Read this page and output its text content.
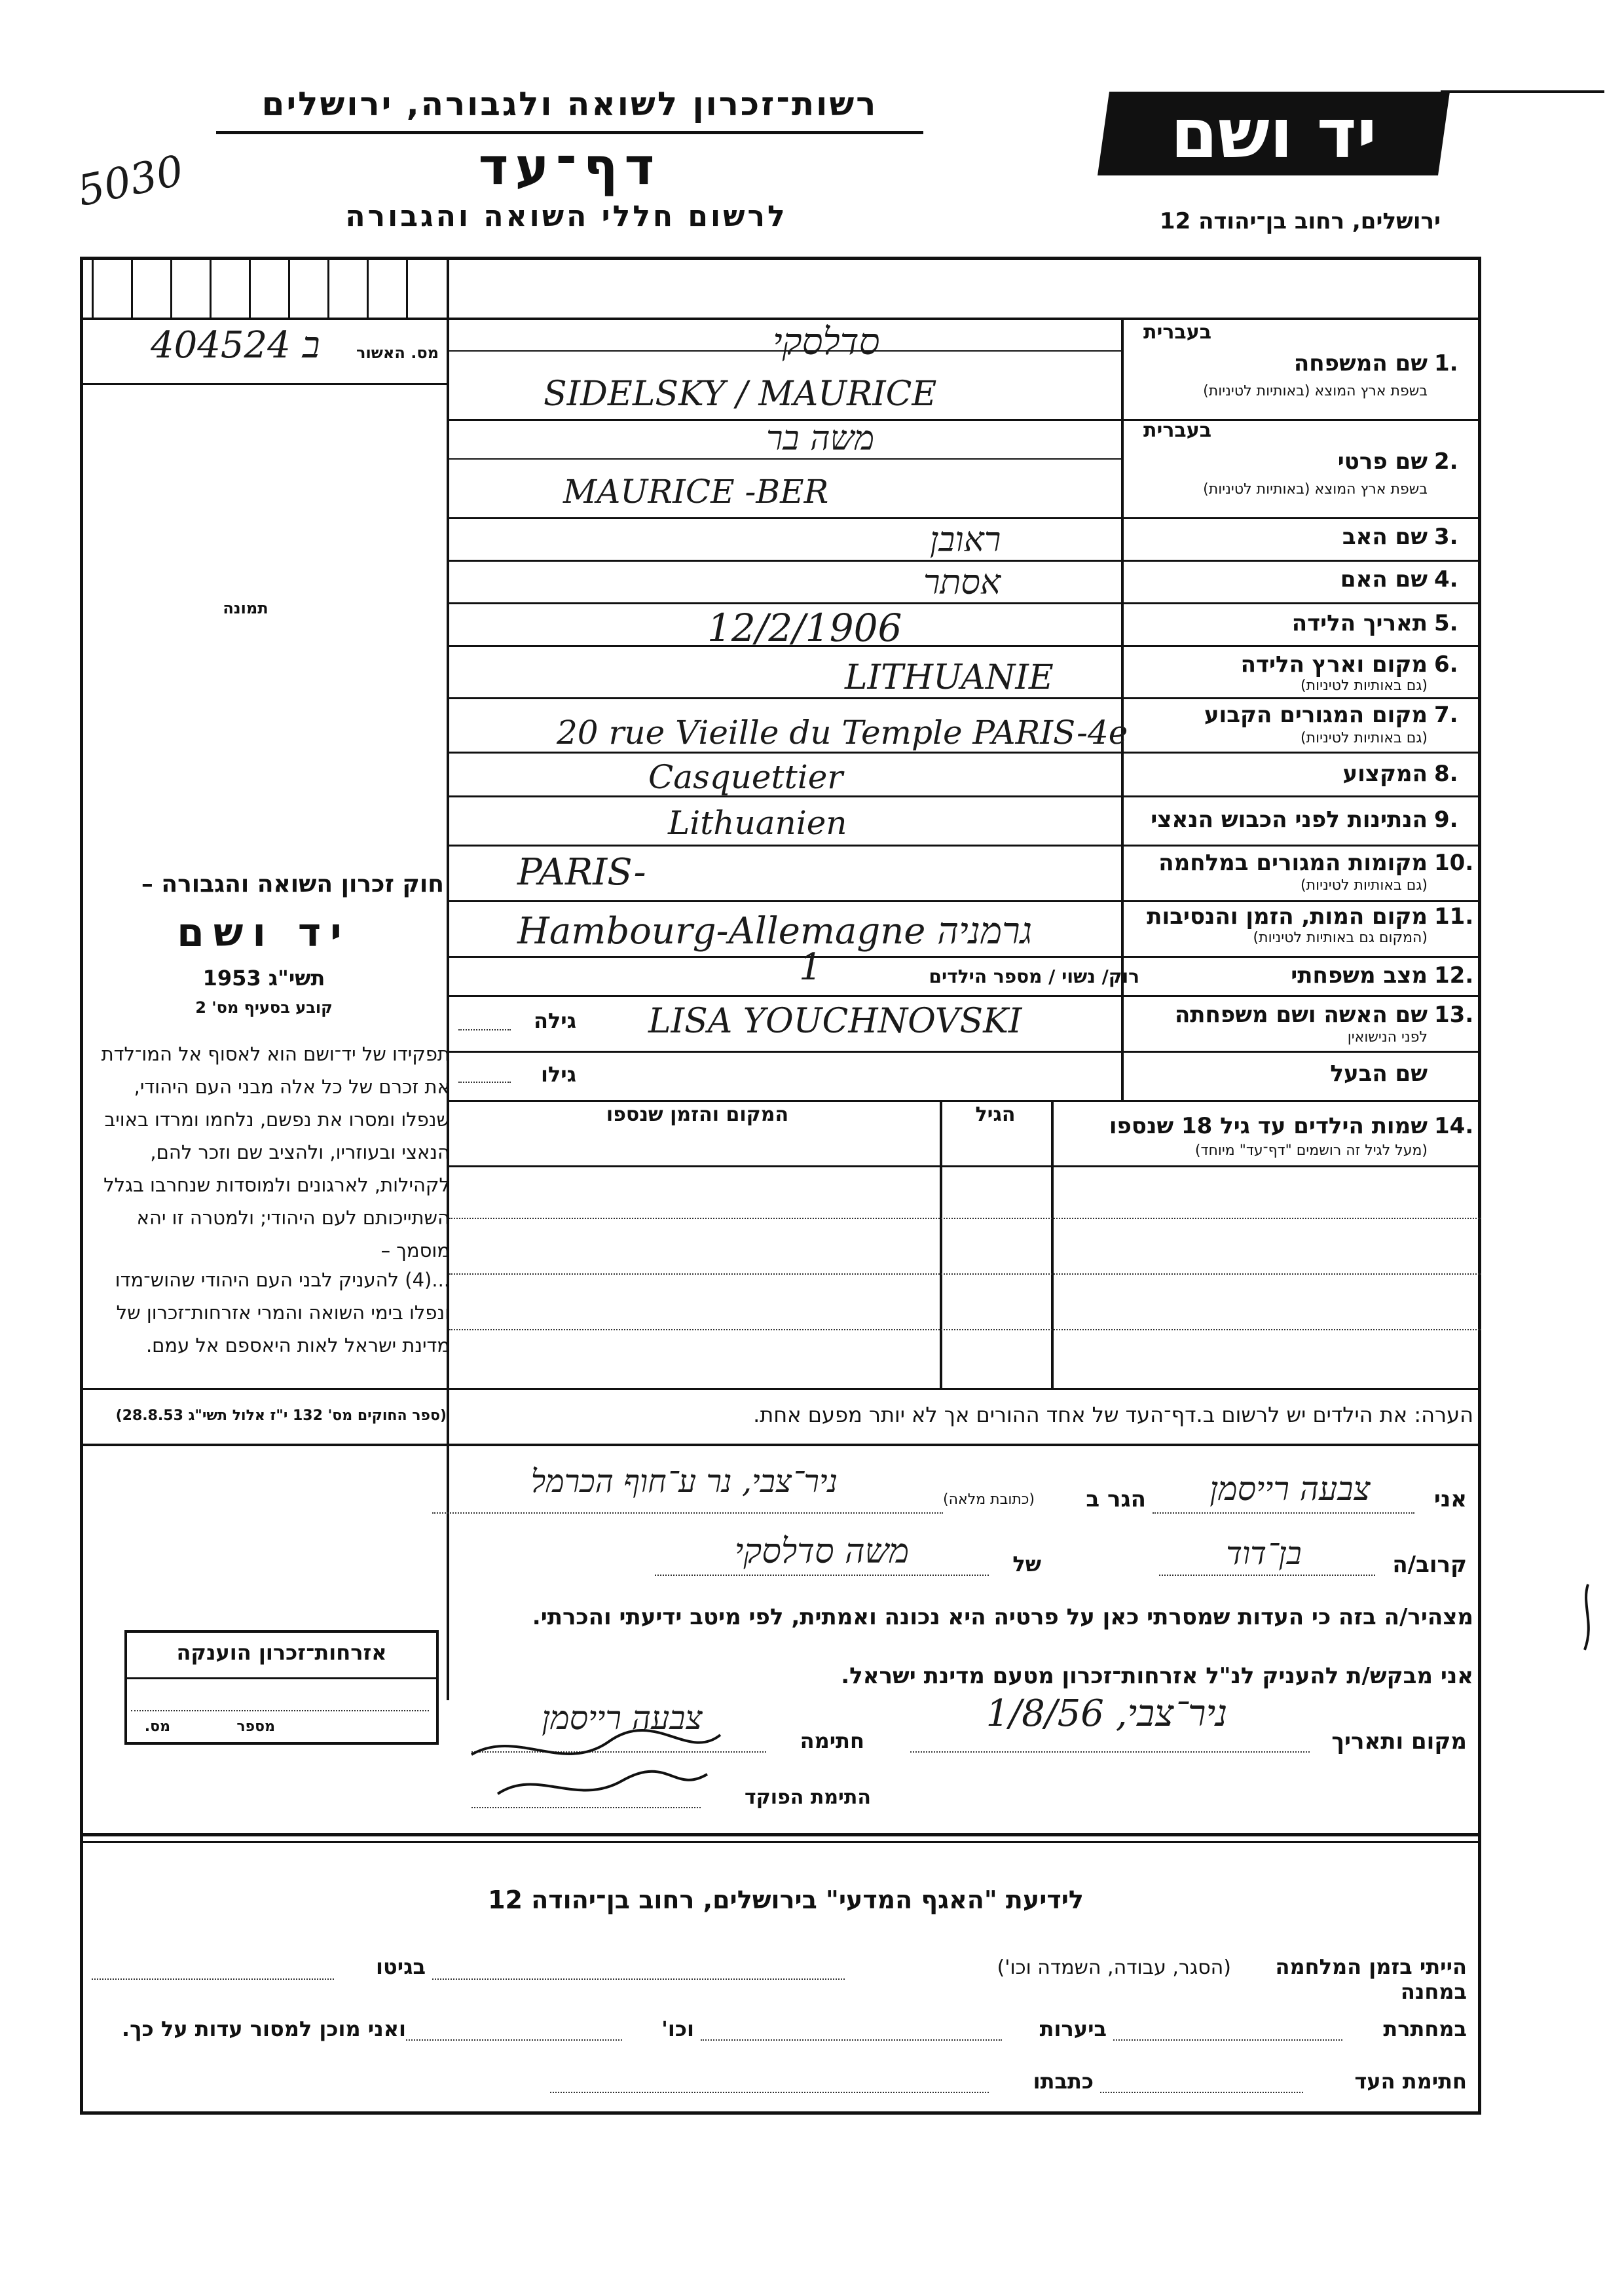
רשות־זכרון לשואה ולגבורה, ירושלים
דף־עד
לרשום חללי השואה והגבורה
5030
יד ושם
ירושלים, רחוב בן־יהודה 12
מס. האשור
404524 ב
תמונה
בעברית
שם המשפחה 1.
בשפת ארץ המוצא (באותיות לטיניות)
סדלסקי
SIDELSKY / MAURICE
בעברית
שם פרטי 2.
בשפת ארץ המוצא (באותיות לטיניות)
משה בר
MAURICE -BER
שם האב 3.
ראובן
שם האם 4.
אסתר
תאריך הלידה 5.
12/2/1906
מקום וארץ הלידה 6.
(גם באותיות לטיניות)
LITHUANIE
מקום המגורים הקבוע 7.
(גם באותיות לטיניות)
20 rue Vieille du Temple PARIS-4e
המקצוע 8.
Casquettier
הנתינות לפני הכבוש הנאצי 9.
Lithuanien
מקומות המגורים במלחמה 10.
(גם באותיות לטיניות)
PARIS-
מקום המות, הזמן והנסיבות 11.
(המקום גם באותיות לטיניות)
Hambourg-Allemagne גרמניה
מצב משפחתי 12.
רוק/ נשוי / מספר הילדים
1
שם האשה ושם משפחתה 13.
לפני הנישואין
גילה LISA YOUCHNOVSKI
שם הבעל
גילו
14.
שמות הילדים עד גיל 18 שנספו
(מעל לגיל זה רושמים "דף־עד" מיוחד)
הגיל
המקום והזמן שנספו
חוק זכרון השואה והגבורה –
יד ושם
תשי"ג 1953
קובע בסעיף מס' 2
תפקידו של יד־ושם הוא לאסוף אל המו־לדת את זכרם של כל אלה מבני העם היהודי, שנפלו ומסרו את נפשם, נלחמו ומרדו באויב הנאצי ובעוזריו, ולהציב שם וזכר להם, לקהילות, לארגונים ולמוסדות שנחרבו בגלל השתייכותם לעם היהודי; ולמטרה זו יהא מוסמך –
...(4) להעניק לבני העם היהודי שהוש־מדו ונפלו בימי השואה והמרי אזרחות־זכרון של מדינת ישראל לאות היאספם אל עמם.
(ספר החוקים מס' 132 י"ז אלול תשי"ג 28.8.53)	הערה: את הילדים יש לרשום ב.דף־העד של אחד ההורים אך לא יותר מפעם אחת.
אני
צבעה רייסמן
הגר ב
(כתובת מלאה)
ניר־צבי, נר ע־חוף הכרמל
קרוב/ה
בן־דוד
של
משה סדלסקי
מצהיר/ה בזה כי העדות שמסרתי כאן על פרטיה היא נכונה ואמתית, לפי מיטב ידיעתי והכרתי.
אני מבקש/ת להעניק לנ"ל אזרחות־זכרון מטעם מדינת ישראל.
מקום ותאריך
ניר־צבי, 1/8/56
חתימה
צבעה רייסמן
התימת הפוקד
אזרחות־זכרון הוענקה
מספר
מס.
לידיעת "האגף המדעי" בירושלים, רחוב בן־יהודה 12
הייתי בזמן המלחמה במחנה
(הסגר, עבודה, השמדה וכו')
בגיטו
במחתרת
ביערות
וכו'
ואני מוכן למסור עדות על כך.
חתימת העד
כתבתו
